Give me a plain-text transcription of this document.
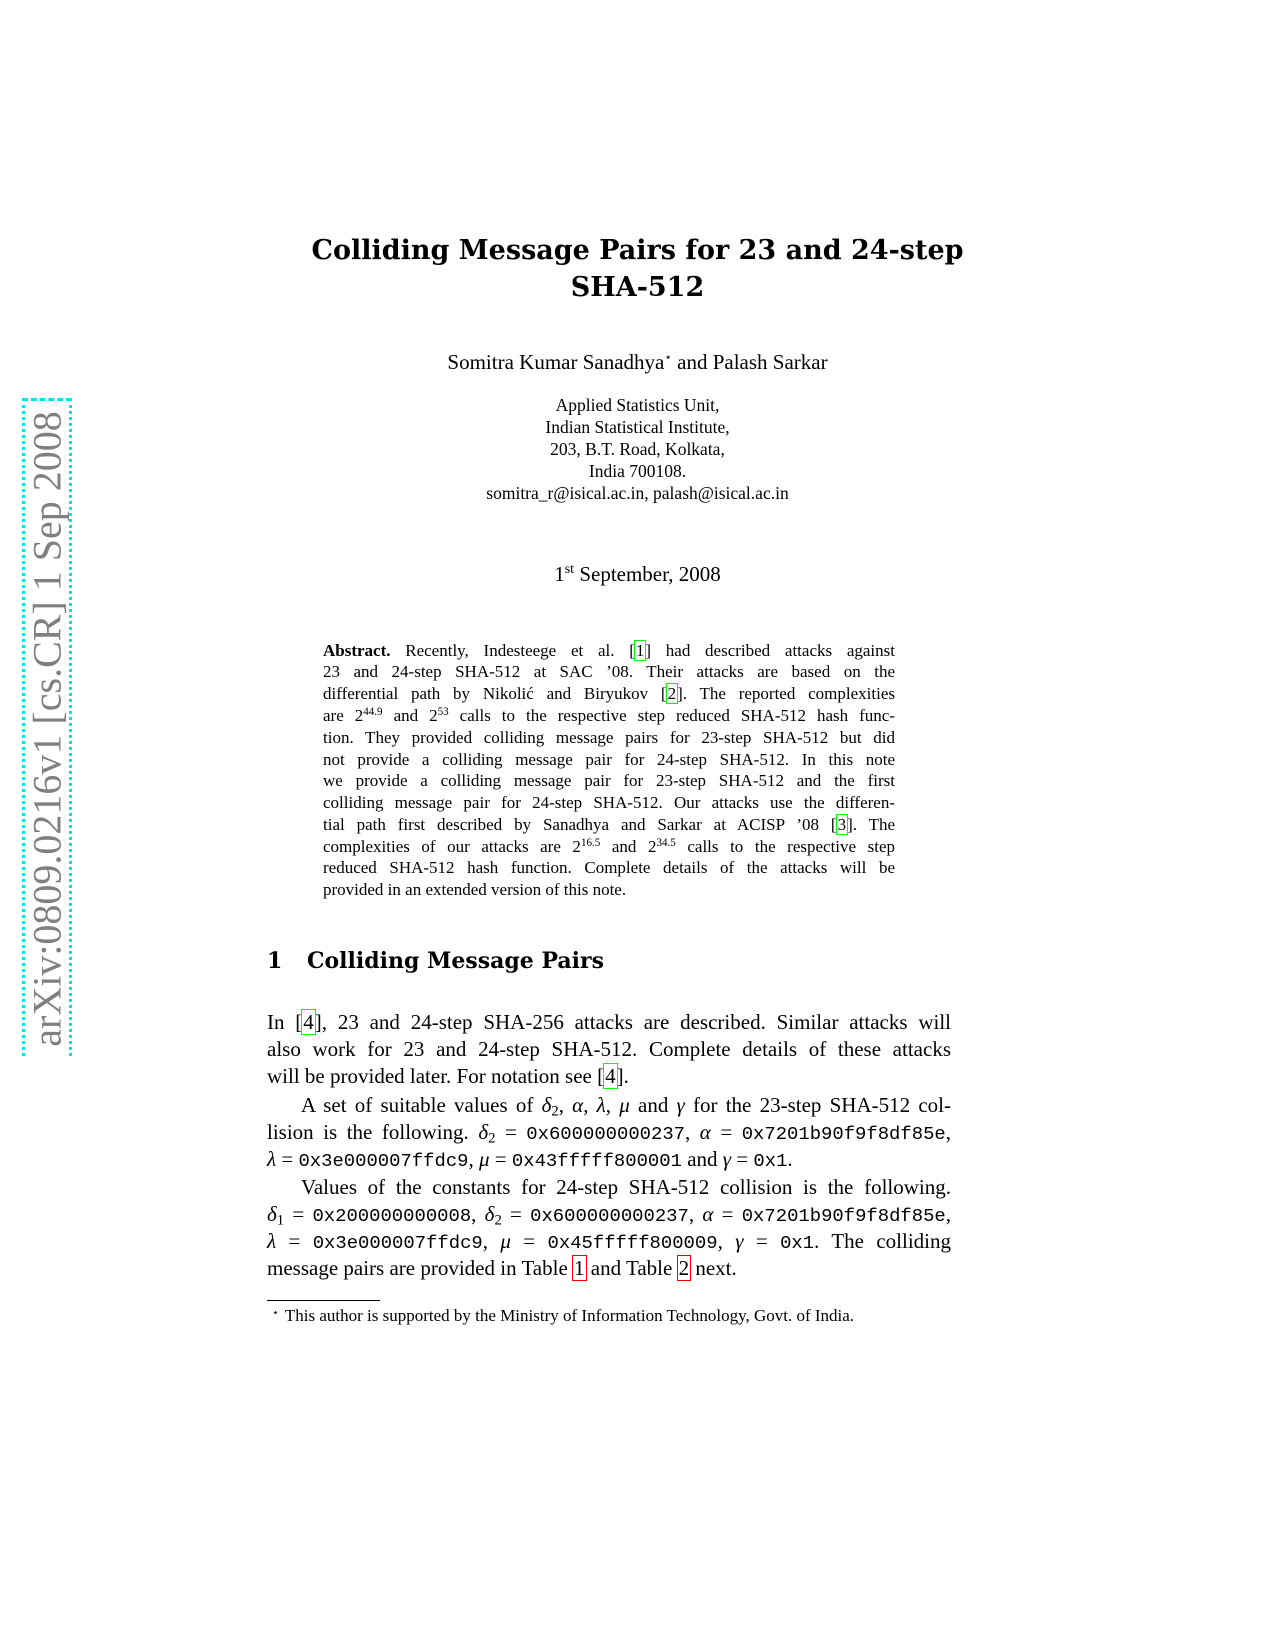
arXiv:0809.0216v1 [cs.CR] 1 Sep 2008
Colliding Message Pairs for 23 and 24-step
SHA-512
Somitra Kumar Sanadhya⋆ and Palash Sarkar
Applied Statistics Unit,
Indian Statistical Institute,
203, B.T. Road, Kolkata,
India 700108.
somitra_r@isical.ac.in, palash@isical.ac.in
1st September, 2008
Abstract. Recently, Indesteege et al. [ 1 ] had described attacks against
23 and 24-step SHA-512 at SAC ’08. Their attacks are based on the
differential path by Nikolić and Biryukov [ 2 ] . The reported complexities
are $2^{44.9}$ and $2^{53}$ calls to the respective step reduced SHA-512 hash func-
tion. They provided colliding message pairs for 23-step SHA-512 but did
not provide a colliding message pair for 24-step SHA-512. In this note
we provide a colliding message pair for 23-step SHA-512 and the first
colliding message pair for 24-step SHA-512. Our attacks use the differen-
tial path first described by Sanadhya and Sarkar at ACISP ’08 [ 3 ] . The
complexities of our attacks are $2^{16.5}$ and $2^{34.5}$ calls to the respective step
reduced SHA-512 hash function. Complete details of the attacks will be
provided in an extended version of this note.
1 Colliding Message Pairs
In [ 4 ] , 23 and 24-step SHA-256 attacks are described. Similar attacks will
also work for 23 and 24-step SHA-512. Complete details of these attacks
will be provided later. For notation see [ 4 ] .
A set of suitable values of $\delta_2$, α, λ, μ and γ for the 23-step SHA-512 col-
lision is the following. $\delta_2 = 0x600000000237$, α = 0x7201b90f9f8df85e,
λ = 0x3e000007ffdc9, μ = 0x43fffff800001 and γ = 0x1.
Values of the constants for 24-step SHA-512 collision is the following.
$\delta_1 = 0x200000000008$, $\delta_2 = 0x600000000237$, α = 0x7201b90f9f8df85e,
λ = 0x3e000007ffdc9, μ = 0x45fffff800009, γ = 0x1. The colliding
message pairs are provided in Table 1 and Table 2 next.
⋆ This author is supported by the Ministry of Information Technology, Govt. of India.
